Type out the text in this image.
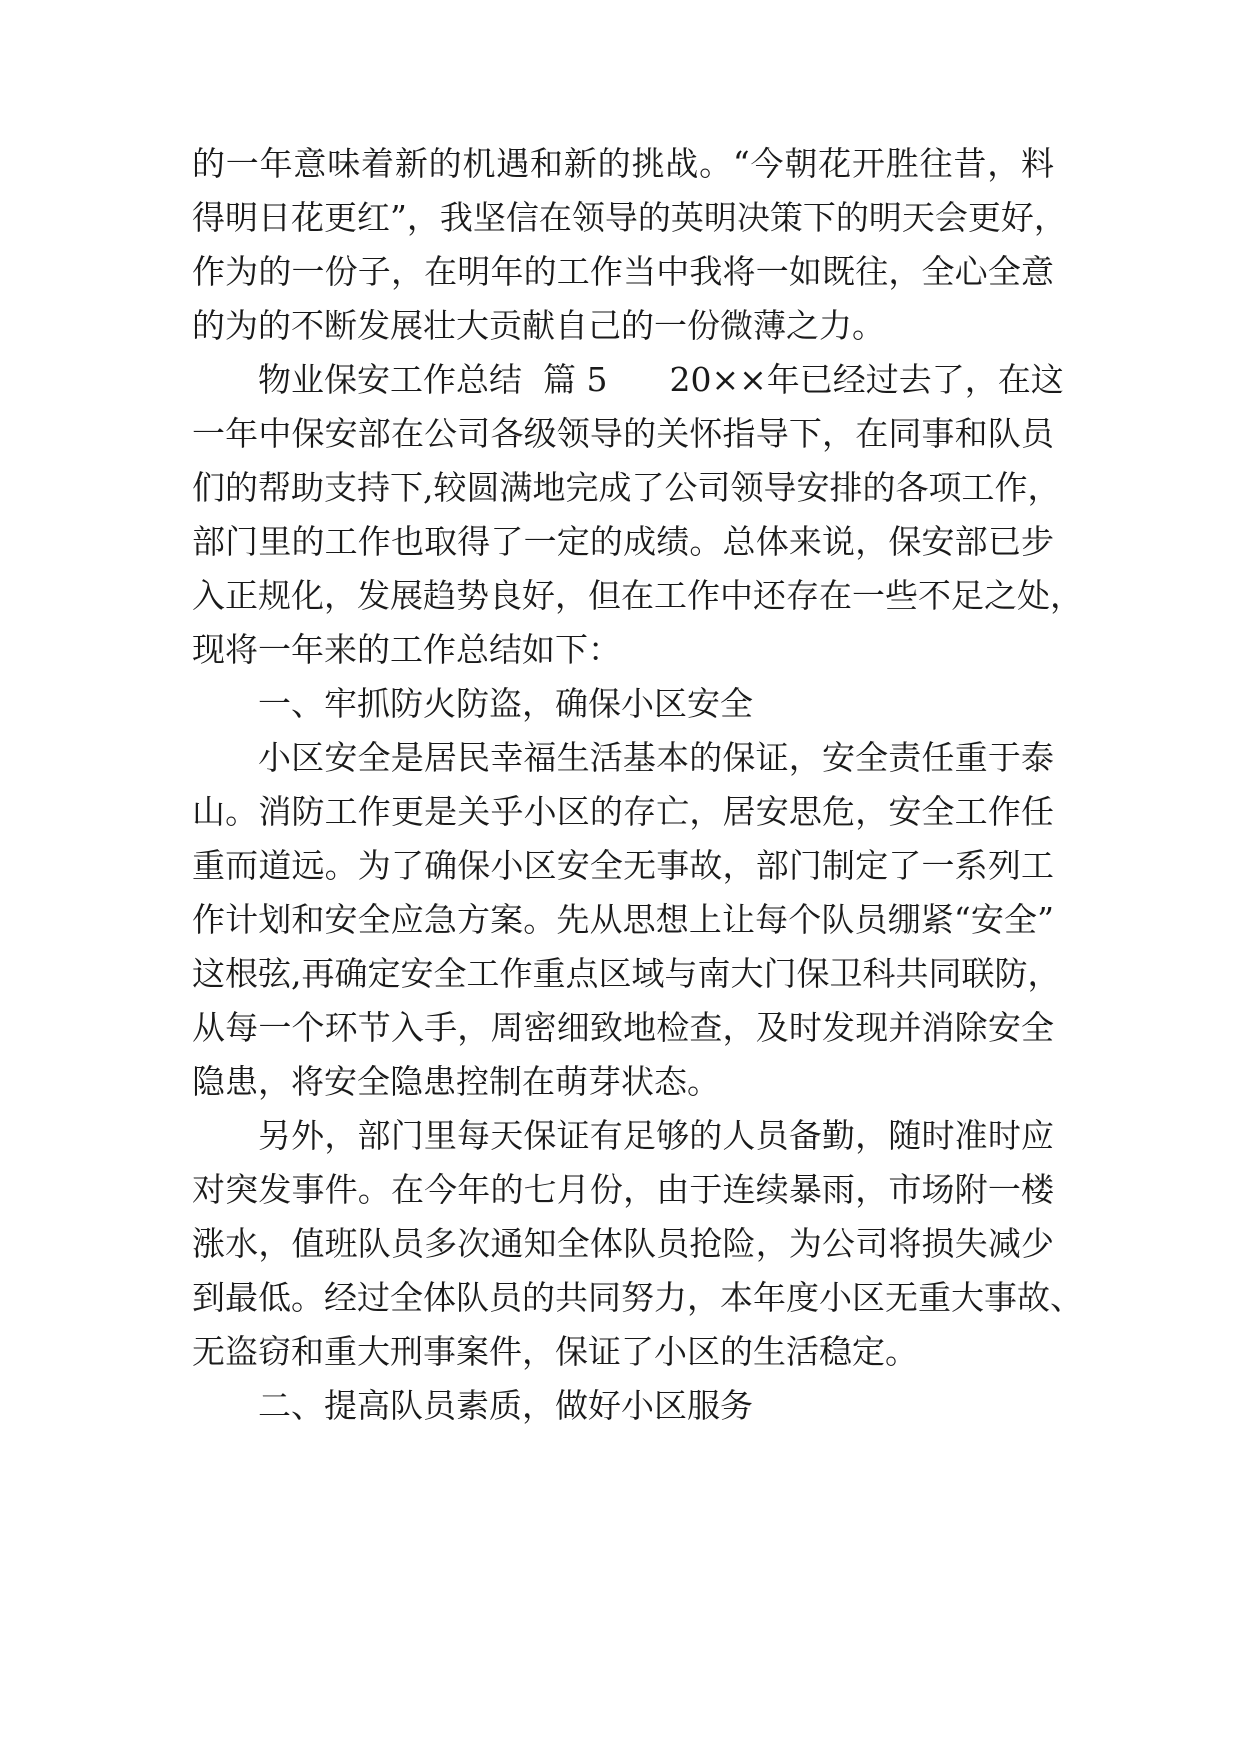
的一年意味着新的机遇和新的挑战。“今朝花开胜往昔，料
得明日花更红”，我坚信在领导的英明决策下的明天会更好，
作为的一份子，在明年的工作当中我将一如既往，全心全意
的为的不断发展壮大贡献自己的一份微薄之力。
物业保安工作总结  篇 5 20××年已经过去了，在这
一年中保安部在公司各级领导的关怀指导下，在同事和队员
们的帮助支持下,较圆满地完成了公司领导安排的各项工作，
部门里的工作也取得了一定的成绩。总体来说，保安部已步
入正规化，发展趋势良好，但在工作中还存在一些不足之处，
现将一年来的工作总结如下：
一、牢抓防火防盗，确保小区安全
小区安全是居民幸福生活基本的保证，安全责任重于泰
山。消防工作更是关乎小区的存亡，居安思危，安全工作任
重而道远。为了确保小区安全无事故，部门制定了一系列工
作计划和安全应急方案。先从思想上让每个队员绷紧“安全”
这根弦,再确定安全工作重点区域与南大门保卫科共同联防，
从每一个环节入手，周密细致地检查，及时发现并消除安全
隐患，将安全隐患控制在萌芽状态。
另外，部门里每天保证有足够的人员备勤，随时准时应
对突发事件。在今年的七月份，由于连续暴雨，市场附一楼
涨水，值班队员多次通知全体队员抢险，为公司将损失减少
到最低。经过全体队员的共同努力，本年度小区无重大事故、
无盗窃和重大刑事案件，保证了小区的生活稳定。
二、提高队员素质，做好小区服务
